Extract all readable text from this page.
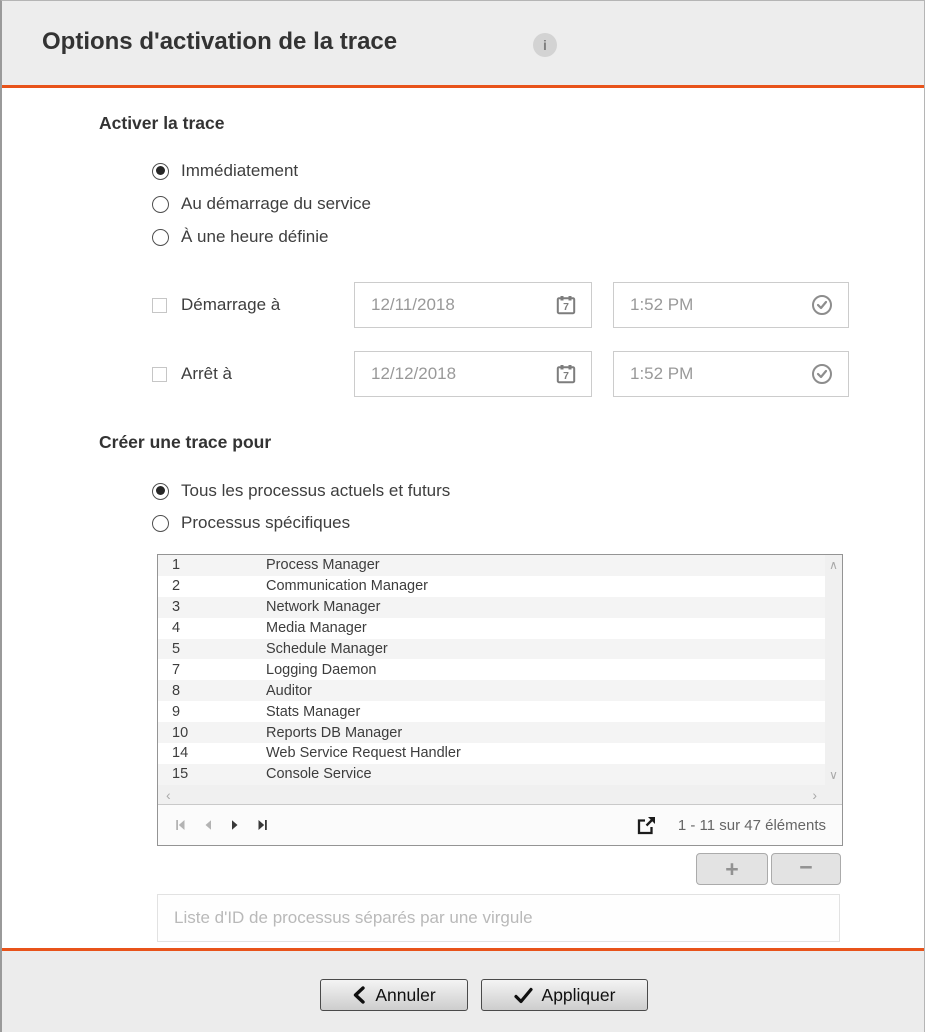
Options d'activation de la trace	i
Activer la trace
Immédiatement
Au démarrage du service
À une heure définie
Démarrage à	12/11/2018	7	1:52 PM
Arrêt à	12/12/2018	7	1:52 PM
Créer une trace pour
Tous les processus actuels et futurs
Processus spécifiques
1	Process Manager
2	Communication Manager
3	Network Manager
4	Media Manager
5	Schedule Manager
7	Logging Daemon
8	Auditor
9	Stats Manager
10	Reports DB Manager
14	Web Service Request Handler
15	Console Service
∧
∨
‹	›
1 - 11 sur 47 éléments
+	−
Liste d'ID de processus séparés par une virgule
Annuler	Appliquer
